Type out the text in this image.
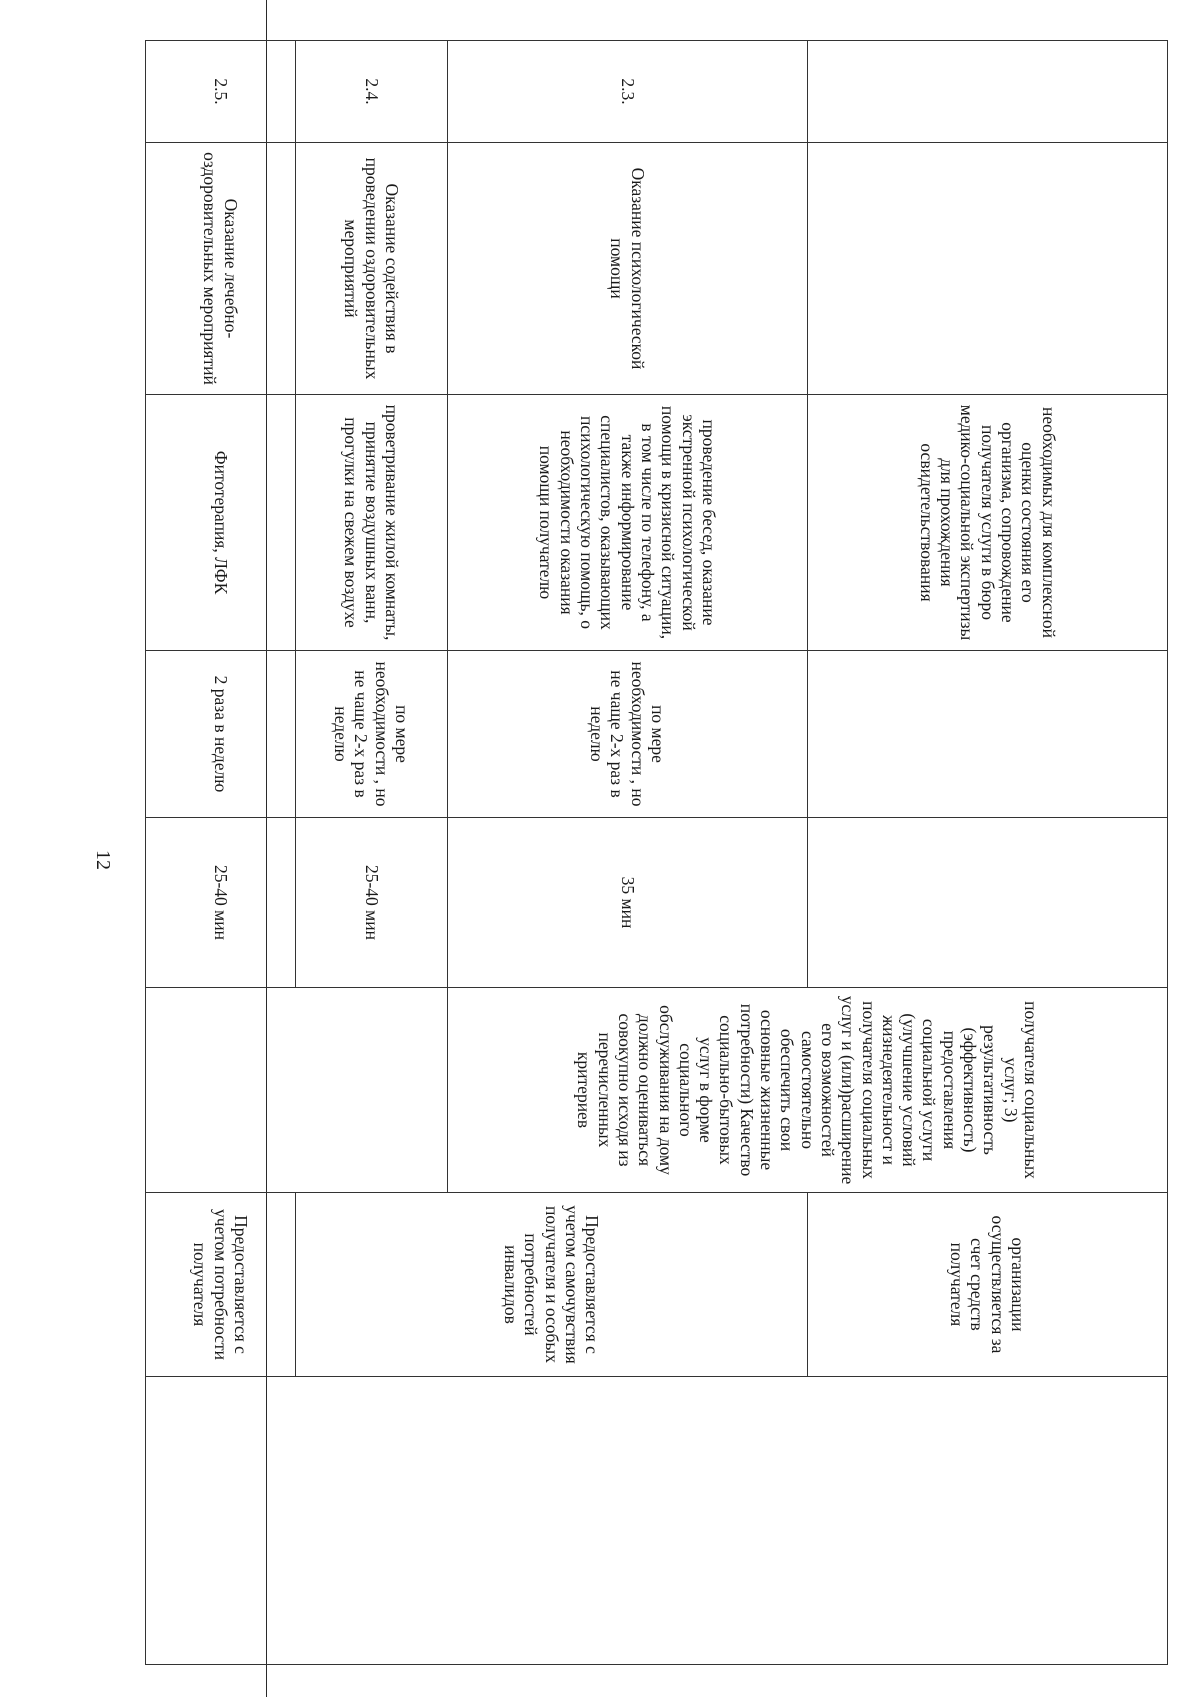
12
		необходимых для комплексной оценки состояния его организма, сопровождение получателя услуги в бюро медико-социальной экспертизы для прохождения освидетельствования			получателя социальных услуг; 3) результативность (эффективность) предоставления социальной услуги (улучшение условий жизнедеятельност и получателя социальных услуг и (или)расширение его возможностей самостоятельно обеспечить свои основные жизненные потребности) Качество социально-бытовых услуг в форме социального обслуживания на дому должно оцениваться совокупно исходя из перечисленных критериев	организации осуществляется за счет средств получателя	
2.3.	Оказание психологической помощи	проведение бесед, оказание экстренной психологической помощи в кризисной ситуации, в том числе по телефону, а также информирование специалистов, оказывающих психологическую помощь, о необходимости оказания помощи получателю	по мере необходимости , но не чаще 2-х раз в неделю	35 мин		Предоставляется с учетом самочувствия получателя и особых потребностей инвалидов	
2.4.	Оказание содействия в проведении оздоровительных мероприятий	проветривание жилой комнаты, принятие воздушных ванн, прогулки на свежем воздухе	по мере необходимости , но не чаще 2-х раз в неделю	25-40 мин			
2.5.	Оказание лечебно-оздоровительных мероприятий	Фитотерапия, ЛФК	2 раза в неделю	25-40 мин		Предоставляется с учетом потребности получателя	
